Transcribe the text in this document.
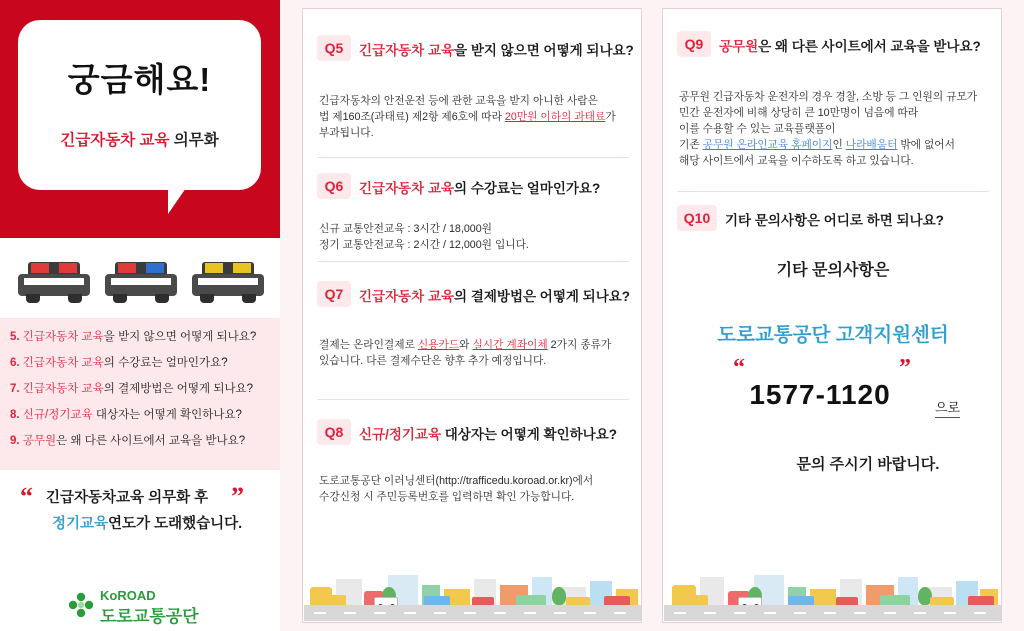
궁금해요!
긴급자동차 교육 의무화
5. 긴급자동차 교육을 받지 않으면 어떻게 되나요?
6. 긴급자동차 교육의 수강료는 얼마인가요?
7. 긴급자동차 교육의 결제방법은 어떻게 되나요?
8. 신규/정기교육 대상자는 어떻게 확인하나요?
9. 공무원은 왜 다른 사이트에서 교육을 받나요?
“	”
긴급자동차교육 의무화 후
정기교육연도가 도래했습니다.
KoROAD
도로교통공단
Q5	긴급자동차 교육을 받지 않으면 어떻게 되나요?
긴급자동차의 안전운전 등에 관한 교육을 받지 아니한 사람은
법 제160조(과태료) 제2항 제6호에 따라 20만원 이하의 과태료가
부과됩니다.
Q6	긴급자동차 교육의 수강료는 얼마인가요?
신규 교통안전교육 : 3시간 / 18,000원
정기 교통안전교육 : 2시간 / 12,000원 입니다.
Q7	긴급자동차 교육의 결제방법은 어떻게 되나요?
결제는 온라인결제로 신용카드와 실시간 계좌이체 2가지 종류가
있습니다. 다른 결제수단은 향후 추가 예정입니다.
Q8	신규/정기교육 대상자는 어떻게 확인하나요?
도로교통공단 이러닝센터(http://trafficedu.koroad.or.kr)에서
수강신청 시 주민등록번호를 입력하면 확인 가능합니다.
Q9	공무원은 왜 다른 사이트에서 교육을 받나요?
공무원 긴급자동차 운전자의 경우 경찰, 소방 등 그 인원의 규모가
민간 운전자에 비해 상당히 큰 10만명이 넘음에 따라
이를 수용할 수 있는 교육플랫폼이
기존 공무원 온라인교육 홈페이지인 나라배움터 밖에 없어서
해당 사이트에서 교육을 이수하도록 하고 있습니다.
Q10	기타 문의사항은 어디로 하면 되나요?
기타 문의사항은
도로교통공단 고객지원센터
“	”
1577-1120	으로
문의 주시기 바랍니다.
